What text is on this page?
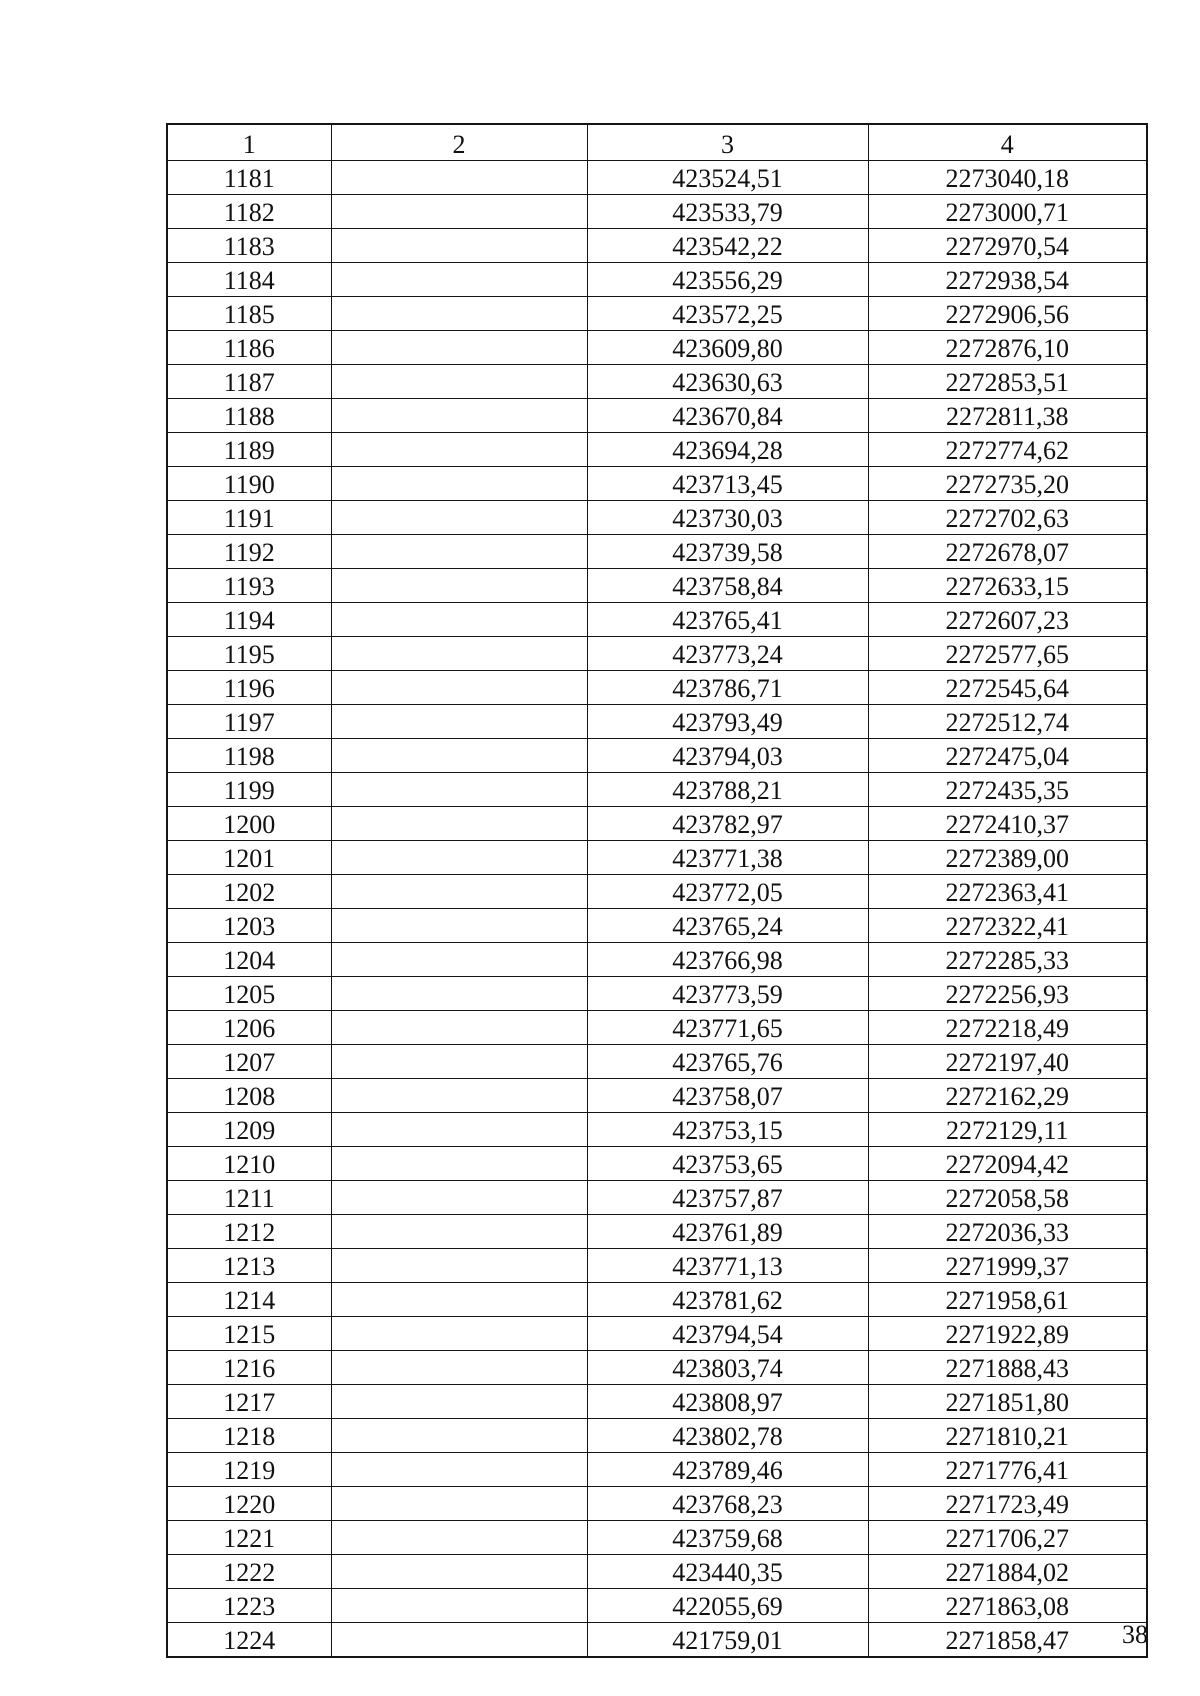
1	2	3	4
1181		423524,51	2273040,18
1182		423533,79	2273000,71
1183		423542,22	2272970,54
1184		423556,29	2272938,54
1185		423572,25	2272906,56
1186		423609,80	2272876,10
1187		423630,63	2272853,51
1188		423670,84	2272811,38
1189		423694,28	2272774,62
1190		423713,45	2272735,20
1191		423730,03	2272702,63
1192		423739,58	2272678,07
1193		423758,84	2272633,15
1194		423765,41	2272607,23
1195		423773,24	2272577,65
1196		423786,71	2272545,64
1197		423793,49	2272512,74
1198		423794,03	2272475,04
1199		423788,21	2272435,35
1200		423782,97	2272410,37
1201		423771,38	2272389,00
1202		423772,05	2272363,41
1203		423765,24	2272322,41
1204		423766,98	2272285,33
1205		423773,59	2272256,93
1206		423771,65	2272218,49
1207		423765,76	2272197,40
1208		423758,07	2272162,29
1209		423753,15	2272129,11
1210		423753,65	2272094,42
1211		423757,87	2272058,58
1212		423761,89	2272036,33
1213		423771,13	2271999,37
1214		423781,62	2271958,61
1215		423794,54	2271922,89
1216		423803,74	2271888,43
1217		423808,97	2271851,80
1218		423802,78	2271810,21
1219		423789,46	2271776,41
1220		423768,23	2271723,49
1221		423759,68	2271706,27
1222		423440,35	2271884,02
1223		422055,69	2271863,08
1224		421759,01	2271858,47 38
